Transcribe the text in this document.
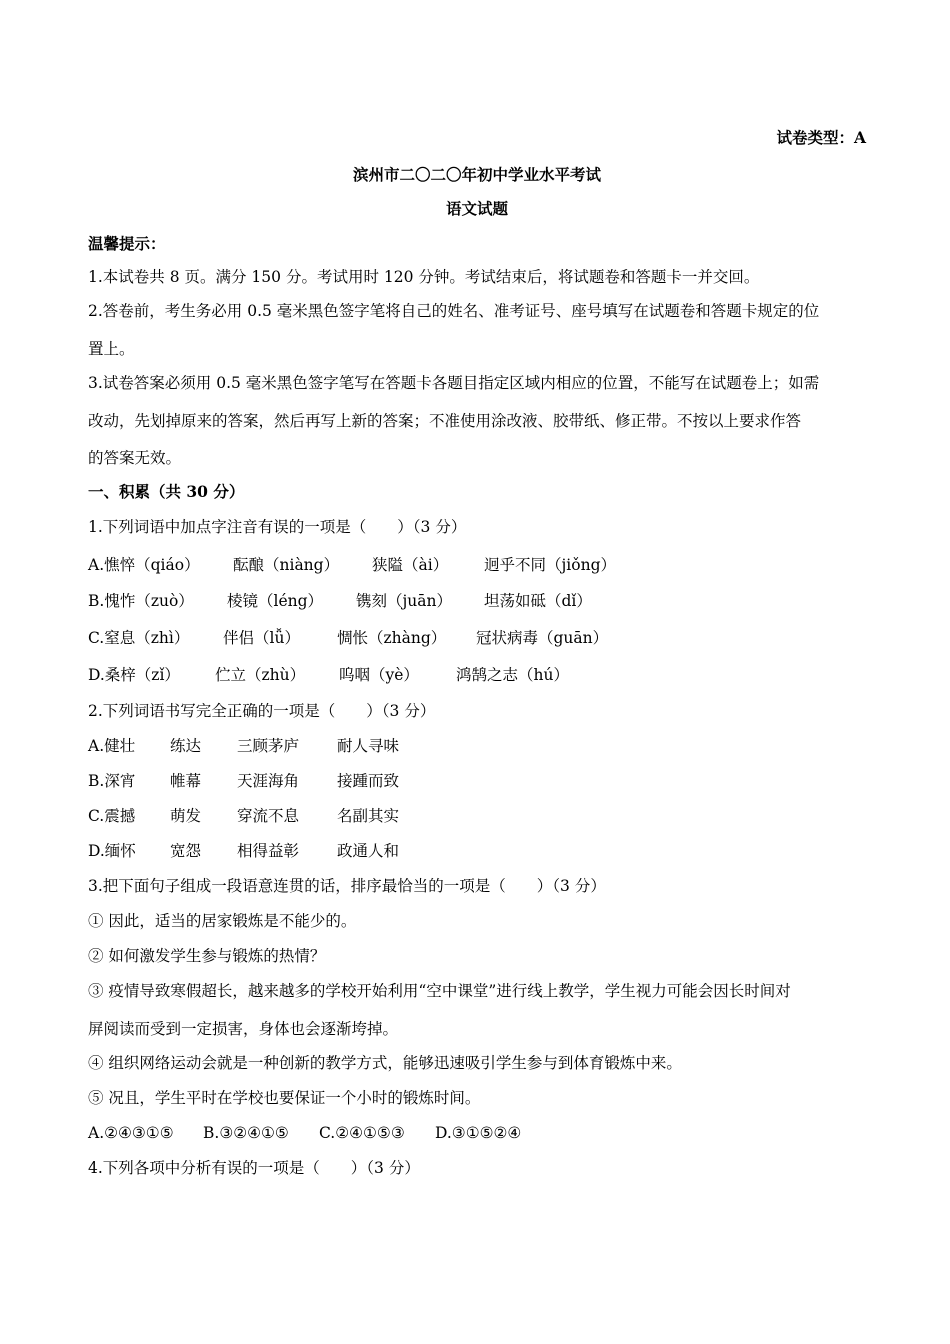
试卷类型：A
滨州市二〇二〇年初中学业水平考试
语文试题
温馨提示：
1.本试卷共 8 页。满分 150 分。考试用时 120 分钟。考试结束后，将试题卷和答题卡一并交回。
2.答卷前，考生务必用 0.5 毫米黑色签字笔将自己的姓名、准考证号、座号填写在试题卷和答题卡规定的位
置上。
3.试卷答案必须用 0.5 毫米黑色签字笔写在答题卡各题目指定区域内相应的位置，不能写在试题卷上；如需
改动，先划掉原来的答案，然后再写上新的答案；不准使用涂改液、胶带纸、修正带。不按以上要求作答
的答案无效。
一、积累（共 30 分）
1.下列词语中加点字注音有误的一项是（　　）（3 分）
A.憔悴（qiáo） 酝酿（niàng） 狭隘（ài） 迥乎不同（jiǒng）
B.愧怍（zuò） 棱镜（léng） 镌刻（juān） 坦荡如砥（dǐ）
C.窒息（zhì） 伴侣（lǚ） 惆怅（zhàng） 冠状病毒（guān）
D.桑梓（zǐ） 伫立（zhù） 呜咽（yè） 鸿鹄之志（hú）
2.下列词语书写完全正确的一项是（　　）（3 分）
A.健壮 练达 三顾茅庐 耐人寻味
B.深宵 帷幕 天涯海角 接踵而致
C.震撼 萌发 穿流不息 名副其实
D.缅怀 宽怨 相得益彰 政通人和
3.把下面句子组成一段语意连贯的话，排序最恰当的一项是（　　）（3 分）
① 因此，适当的居家锻炼是不能少的。
② 如何激发学生参与锻炼的热情？
③ 疫情导致寒假超长，越来越多的学校开始利用“空中课堂”进行线上教学，学生视力可能会因长时间对
屏阅读而受到一定损害，身体也会逐渐垮掉。
④ 组织网络运动会就是一种创新的教学方式，能够迅速吸引学生参与到体育锻炼中来。
⑤ 况且，学生平时在学校也要保证一个小时的锻炼时间。
A.②④③①⑤ B.③②④①⑤ C.②④①⑤③ D.③①⑤②④
4.下列各项中分析有误的一项是（　　）（3 分）
